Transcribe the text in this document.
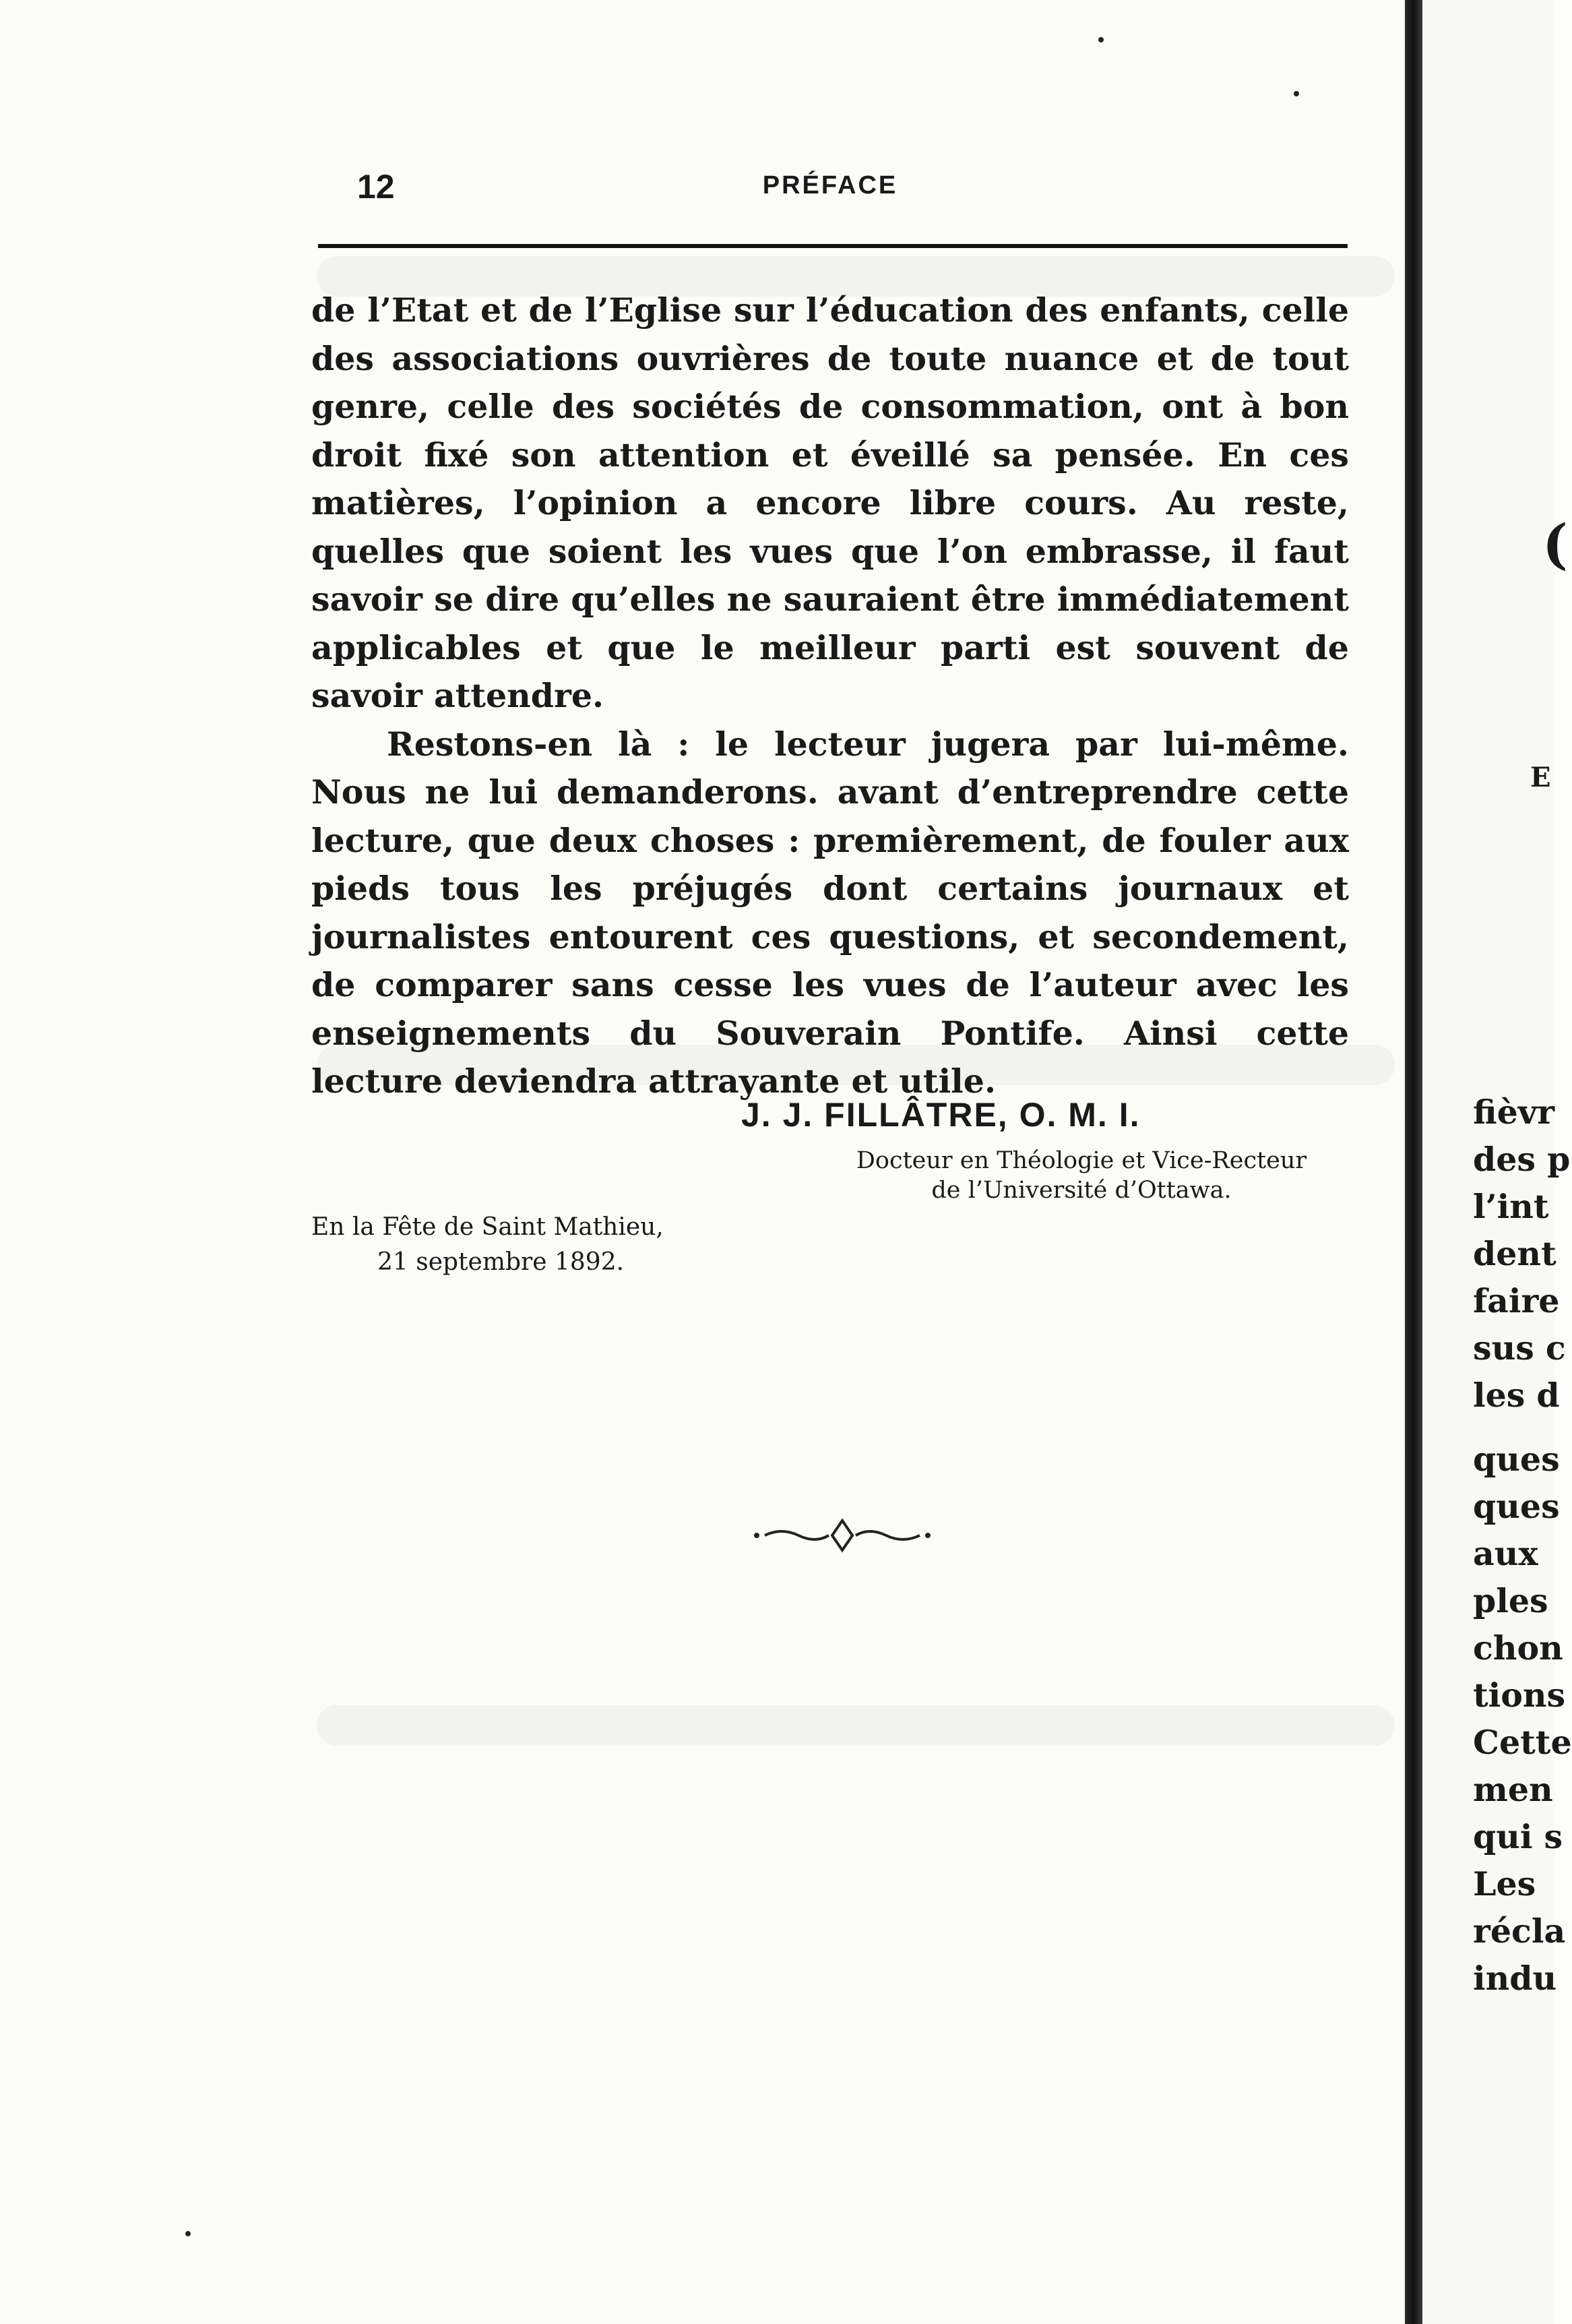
12	PRÉFACE

de l’Etat et de l’Eglise sur l’éducation des enfants, celle des associations ouvrières de toute nuance et de tout genre, celle des sociétés de consommation, ont à bon droit fixé son attention et éveillé sa pensée. En ces matières, l’opinion a encore libre cours. Au reste, quelles que soient les vues que l’on embrasse, il faut savoir se dire qu’elles ne sauraient être immédiatement applicables et que le meilleur parti est souvent de savoir attendre.

Restons-en là : le lecteur jugera par lui-même. Nous ne lui demanderons. avant d’entreprendre cette lecture, que deux choses : premièrement, de fouler aux pieds tous les préjugés dont certains journaux et journalistes entourent ces questions, et secondement, de comparer sans cesse les vues de l’auteur avec les enseignements du Souverain Pontife. Ainsi cette lecture deviendra attrayante et utile.

J. J. FILLÂTRE, O. M. I.
Docteur en Théologie et Vice-Recteur
de l’Université d’Ottawa.
En la Fête de Saint Mathieu,
21 septembre 1892.
(
E
fièvr
des p
l’int
dent
faire
sus c
les d
ques
ques
aux
ples
chon
tions
Cette
men
qui s
Les
récla
indu
